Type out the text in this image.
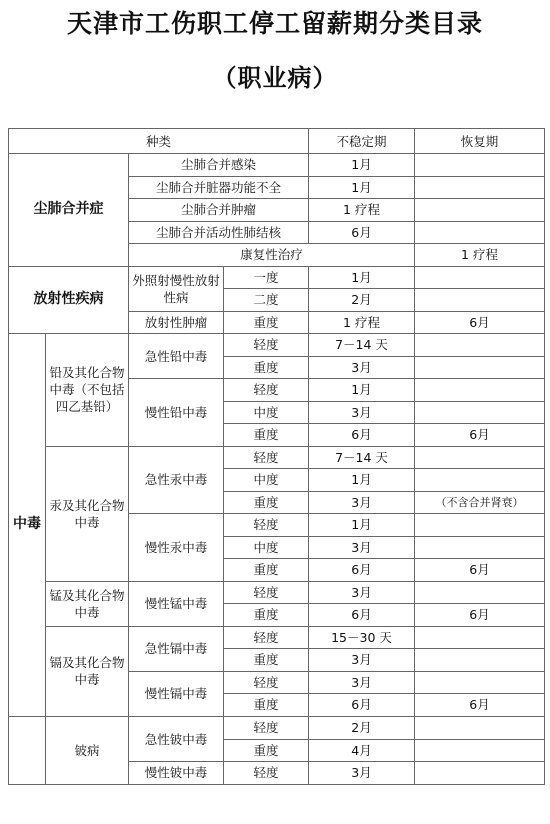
天津市工伤职工停工留薪期分类目录
（职业病）
种类				不稳定期	恢复期
尘肺合并症		尘肺合并感染		1月	
		尘肺合并脏器功能不全		1月	
		尘肺合并肿瘤		1 疗程	
		尘肺合并活动性肺结核		6月	
		康复性治疗			1 疗程
放射性疾病		外照射慢性放射性病	一度	1月	
			二度	2月	
		放射性肿瘤	重度	1 疗程	6月
中毒	铅及其化合物中毒（不包括四乙基铅）	急性铅中毒	轻度	7－14 天	
			重度	3月	
		慢性铅中毒	轻度	1月	
			中度	3月	
			重度	6月	6月
	汞及其化合物中毒	急性汞中毒	轻度	7－14 天	
			中度	1月	
			重度	3月	（不含合并肾衰）
		慢性汞中毒	轻度	1月	
			中度	3月	
			重度	6月	6月
	锰及其化合物中毒	慢性锰中毒	轻度	3月	
			重度	6月	6月
	镉及其化合物中毒	急性镉中毒	轻度	15－30 天	
			重度	3月	
		慢性镉中毒	轻度	3月	
			重度	6月	6月
	铍病	急性铍中毒	轻度	2月	
			重度	4月	
		慢性铍中毒	轻度	3月	
